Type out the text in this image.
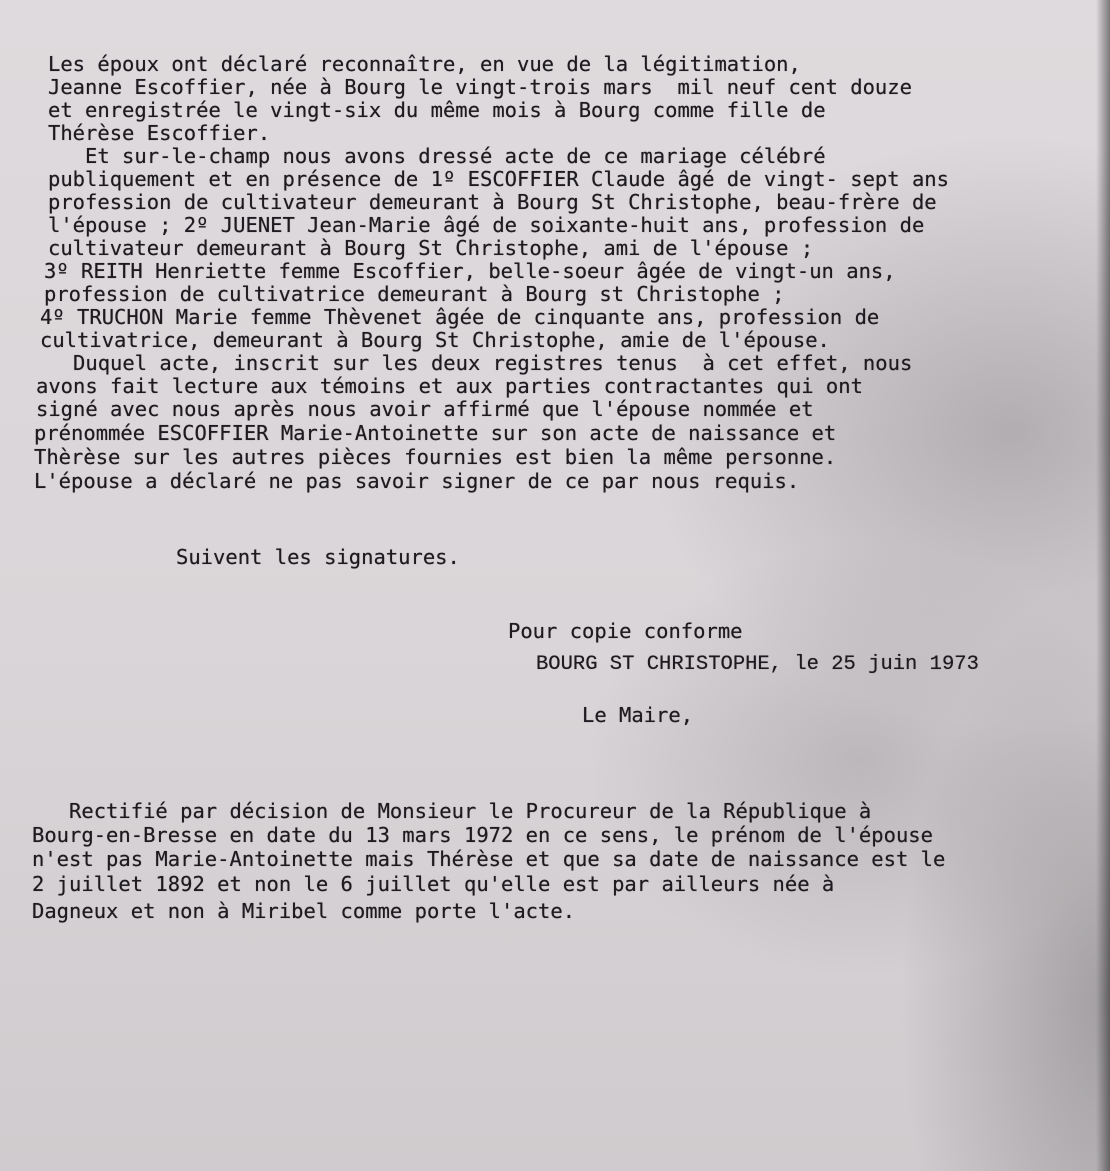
Les époux ont déclaré reconnaître, en vue de la légitimation,

Jeanne Escoffier, née à Bourg le vingt-trois mars  mil neuf cent douze

et enregistrée le vingt-six du même mois à Bourg comme fille de

Thérèse Escoffier.

Et sur-le-champ nous avons dressé acte de ce mariage célébré

publiquement et en présence de 1º ESCOFFIER Claude âgé de vingt- sept ans

profession de cultivateur demeurant à Bourg St Christophe, beau-frère de

l'épouse ; 2º JUENET Jean-Marie âgé de soixante-huit ans, profession de

cultivateur demeurant à Bourg St Christophe, ami de l'épouse ;

3º REITH Henriette femme Escoffier, belle-soeur âgée de vingt-un ans,

profession de cultivatrice demeurant à Bourg st Christophe ;

4º TRUCHON Marie femme Thèvenet âgée de cinquante ans, profession de

cultivatrice, demeurant à Bourg St Christophe, amie de l'épouse.

Duquel acte, inscrit sur les deux registres tenus  à cet effet, nous

avons fait lecture aux témoins et aux parties contractantes qui ont

signé avec nous après nous avoir affirmé que l'épouse nommée et

prénommée ESCOFFIER Marie-Antoinette sur son acte de naissance et

Thèrèse sur les autres pièces fournies est bien la même personne.

L'épouse a déclaré ne pas savoir signer de ce par nous requis.

Suivent les signatures.

Pour copie conforme

BOURG ST CHRISTOPHE, le 25 juin 1973

Le Maire,

Rectifié par décision de Monsieur le Procureur de la République à

Bourg-en-Bresse en date du 13 mars 1972 en ce sens, le prénom de l'épouse

n'est pas Marie-Antoinette mais Thérèse et que sa date de naissance est le

2 juillet 1892 et non le 6 juillet qu'elle est par ailleurs née à

Dagneux et non à Miribel comme porte l'acte.
